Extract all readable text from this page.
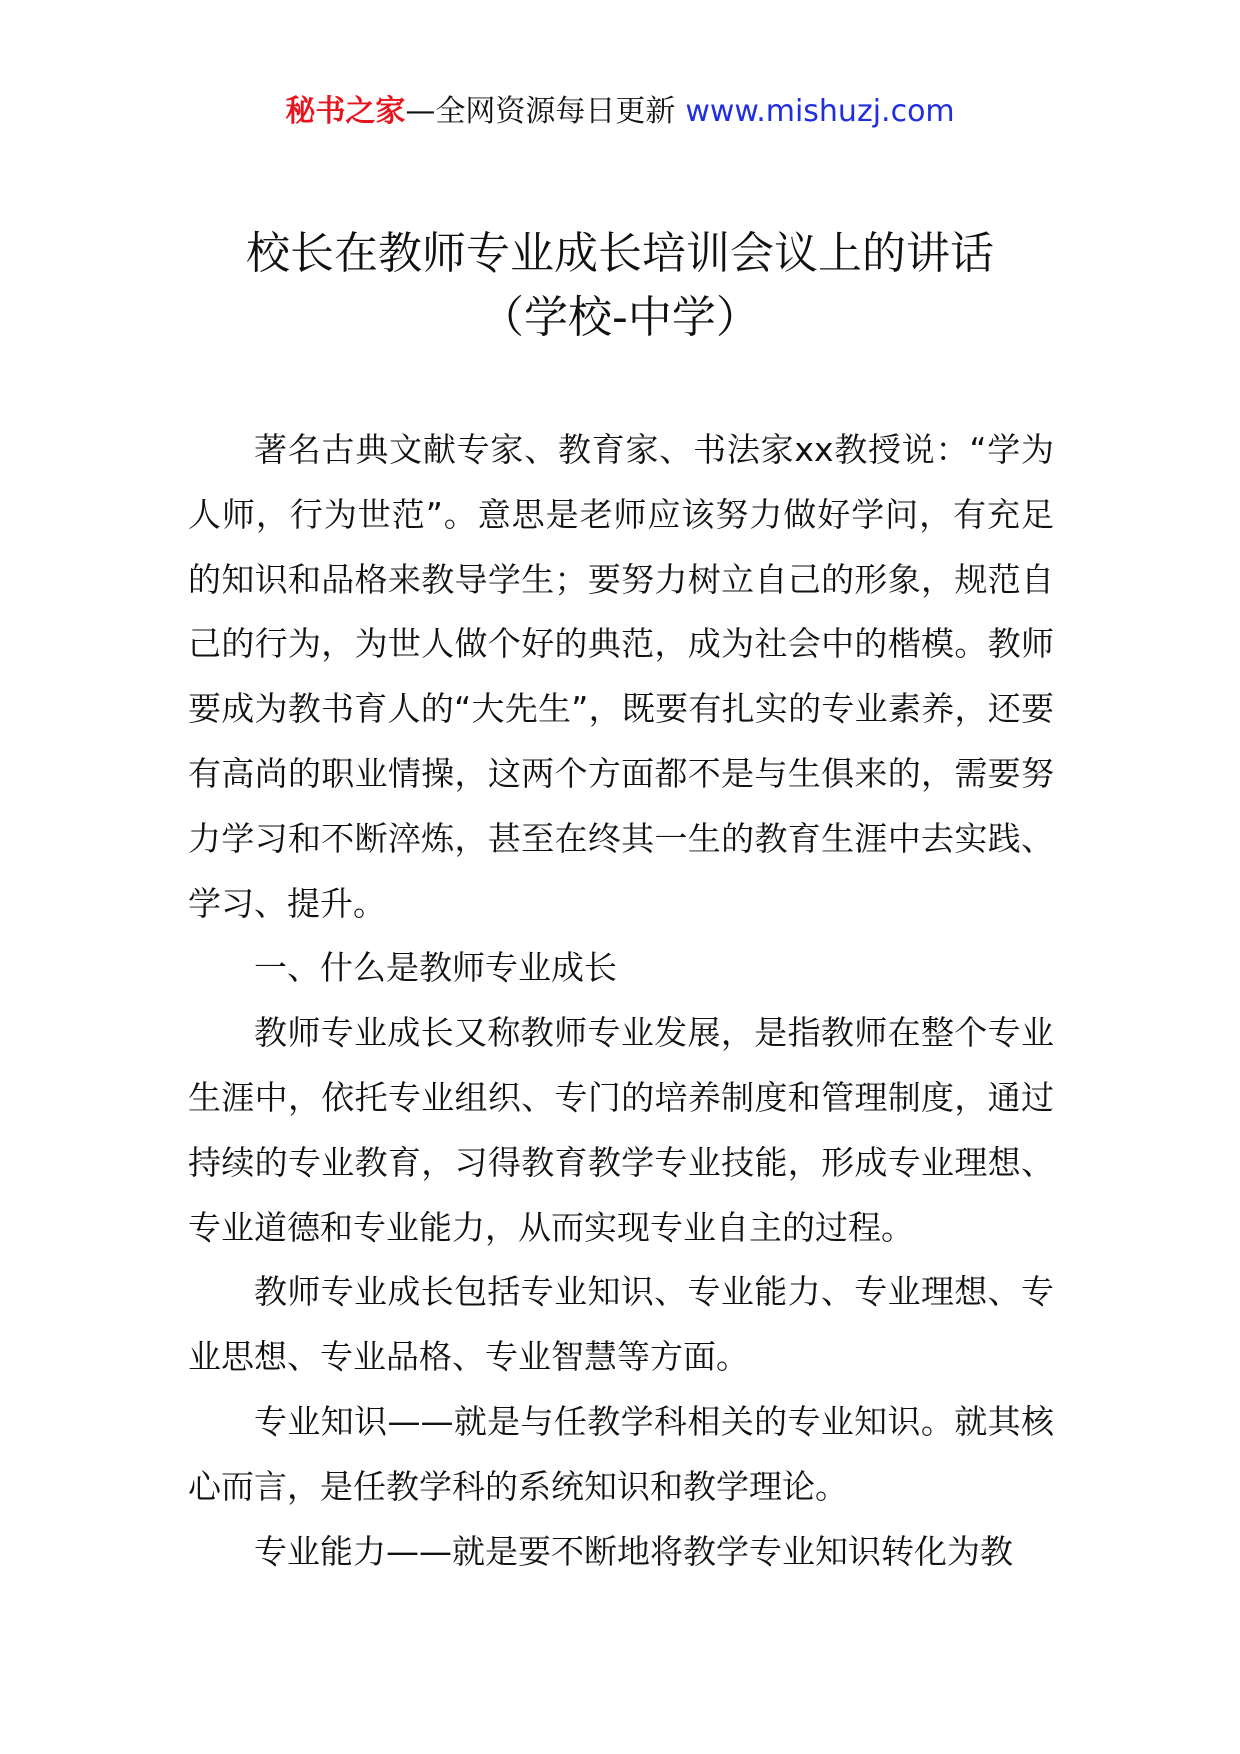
秘书之家—全网资源每日更新 www.mishuzj.com
校长在教师专业成长培训会议上的讲话
（学校-中学）

著名古典文献专家、教育家、书法家xx教授说：“学为人师，行为世范”。意思是老师应该努力做好学问，有充足的知识和品格来教导学生；要努力树立自己的形象，规范自己的行为，为世人做个好的典范，成为社会中的楷模。教师要成为教书育人的“大先生”，既要有扎实的专业素养，还要有高尚的职业情操，这两个方面都不是与生俱来的，需要努力学习和不断淬炼，甚至在终其一生的教育生涯中去实践、学习、提升。

一、什么是教师专业成长

教师专业成长又称教师专业发展，是指教师在整个专业生涯中，依托专业组织、专门的培养制度和管理制度，通过持续的专业教育，习得教育教学专业技能，形成专业理想、专业道德和专业能力，从而实现专业自主的过程。

教师专业成长包括专业知识、专业能力、专业理想、专业思想、专业品格、专业智慧等方面。

专业知识——就是与任教学科相关的专业知识。就其核心而言，是任教学科的系统知识和教学理论。

专业能力——就是要不断地将教学专业知识转化为教
